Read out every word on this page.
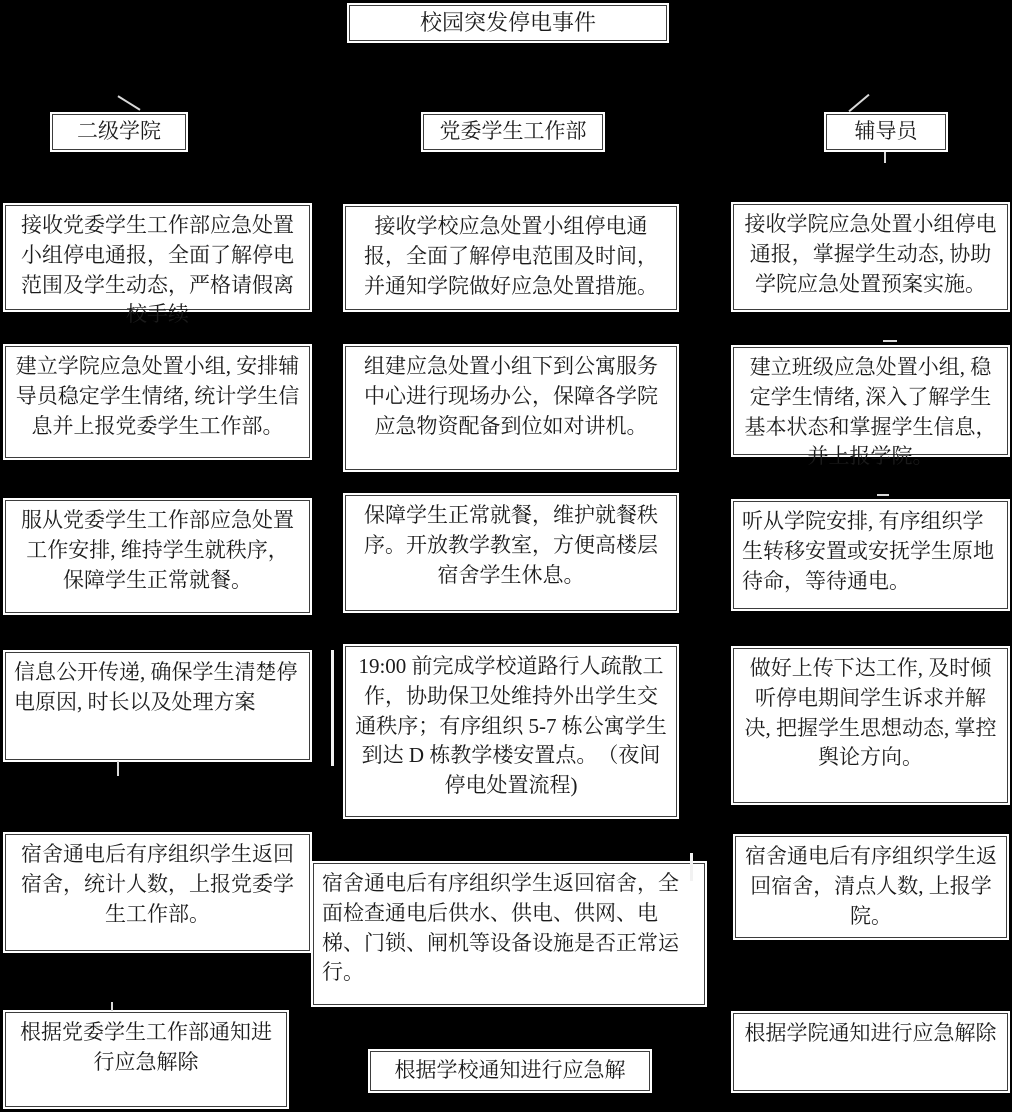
校园突发停电事件
二级学院	党委学生工作部	辅导员
接收党委学生工作部应急处置小组停电通报，全面了解停电范围及学生动态，严格请假离校手续
建立学院应急处置小组, 安排辅导员稳定学生情绪, 统计学生信息并上报党委学生工作部。
服从党委学生工作部应急处置工作安排, 维持学生就秩序， 保障学生正常就餐。
信息公开传递, 确保学生清楚停电原因, 时长以及处理方案
宿舍通电后有序组织学生返回宿舍，统计人数，上报党委学生工作部。
根据党委学生工作部通知进行应急解除
接收学校应急处置小组停电通报，全面了解停电范围及时间，并通知学院做好应急处置措施。
组建应急处置小组下到公寓服务中心进行现场办公，保障各学院应急物资配备到位如对讲机。
保障学生正常就餐，维护就餐秩序。开放教学教室，方便高楼层宿舍学生休息。
19:00 前完成学校道路行人疏散工作，协助保卫处维持外出学生交通秩序；有序组织 5-7 栋公寓学生到达 D 栋教学楼安置点。　（夜间停电处置流程)
宿舍通电后有序组织学生返回宿舍，全面检查通电后供水、供电、供网、电梯、门锁、闸机等设备设施是否正常运行。
根据学校通知进行应急解
接收学院应急处置小组停电通报，掌握学生动态, 协助学院应急处置预案实施。
建立班级应急处置小组, 稳定学生情绪, 深入了解学生基本状态和掌握学生信息，并上报学院。
听从学院安排, 有序组织学生转移安置或安抚学生原地待命，等待通电。
做好上传下达工作, 及时倾听停电期间学生诉求并解决, 把握学生思想动态, 掌控舆论方向。
宿舍通电后有序组织学生返回宿舍，清点人数, 上报学院。
根据学院通知进行应急解除
